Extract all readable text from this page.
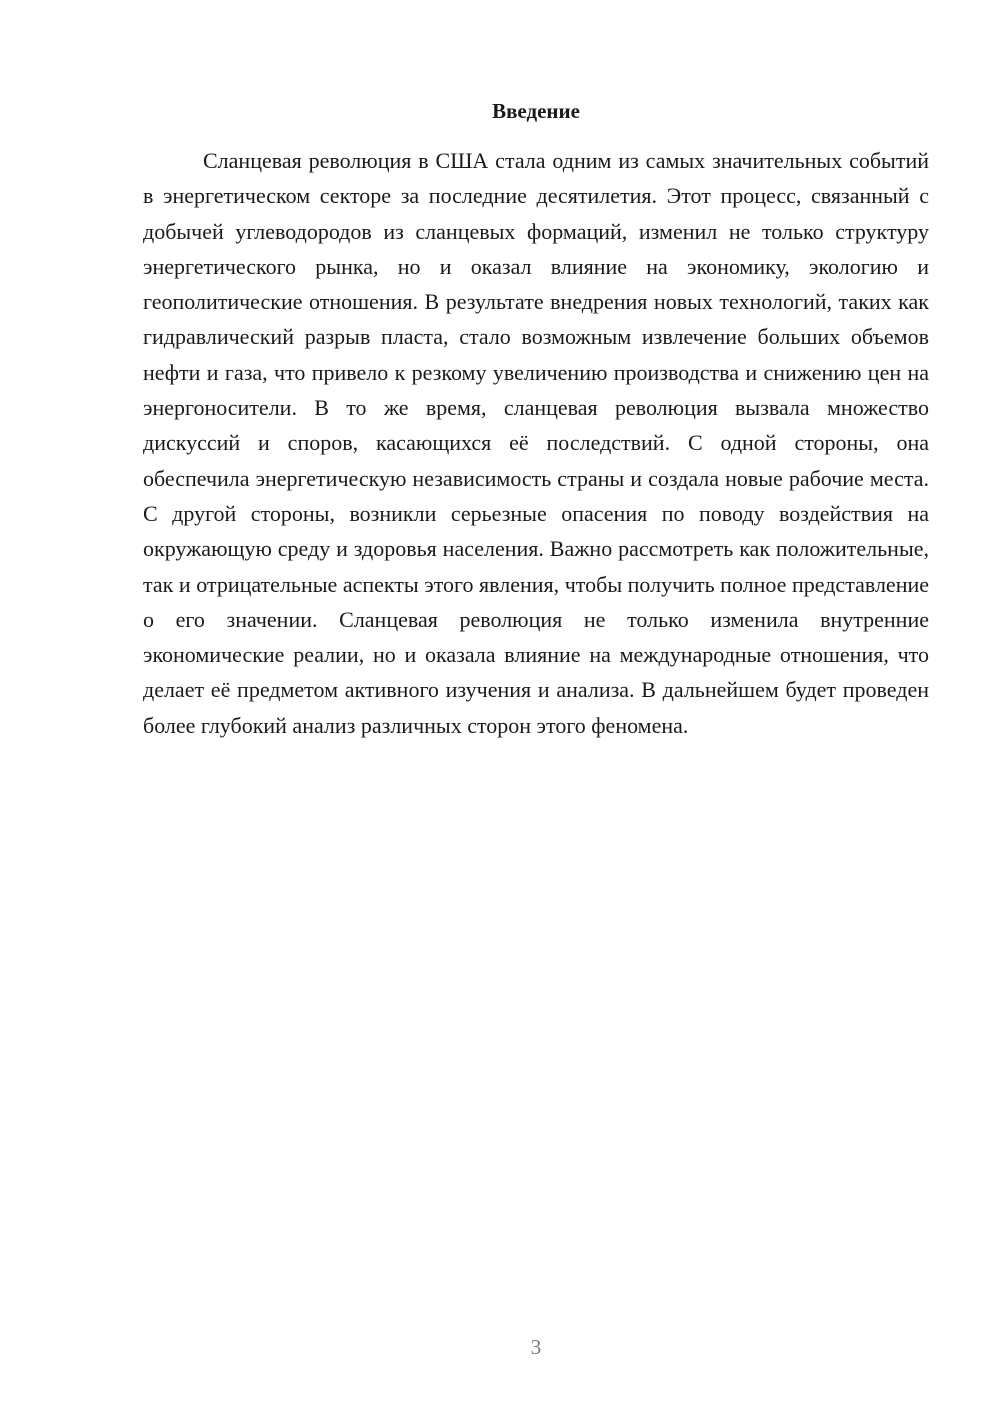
Введение

Сланцевая революция в США стала одним из самых значительных событий в энергетическом секторе за последние десятилетия. Этот процесс, связанный с добычей углеводородов из сланцевых формаций, изменил не только структуру энергетического рынка, но и оказал влияние на экономику, экологию и геополитические отношения. В результате внедрения новых технологий, таких как гидравлический разрыв пласта, стало возможным извлечение больших объемов нефти и газа, что привело к резкому увеличению производства и снижению цен на энергоносители. В то же время, сланцевая революция вызвала множество дискуссий и споров, касающихся её последствий. С одной стороны, она обеспечила энергетическую независимость страны и создала новые рабочие места. С другой стороны, возникли серьезные опасения по поводу воздействия на окружающую среду и здоровья населения. Важно рассмотреть как положительные, так и отрицательные аспекты этого явления, чтобы получить полное представление о его значении. Сланцевая революция не только изменила внутренние экономические реалии, но и оказала влияние на международные отношения, что делает её предметом активного изучения и анализа. В дальнейшем будет проведен более глубокий анализ различных сторон этого феномена.

3
